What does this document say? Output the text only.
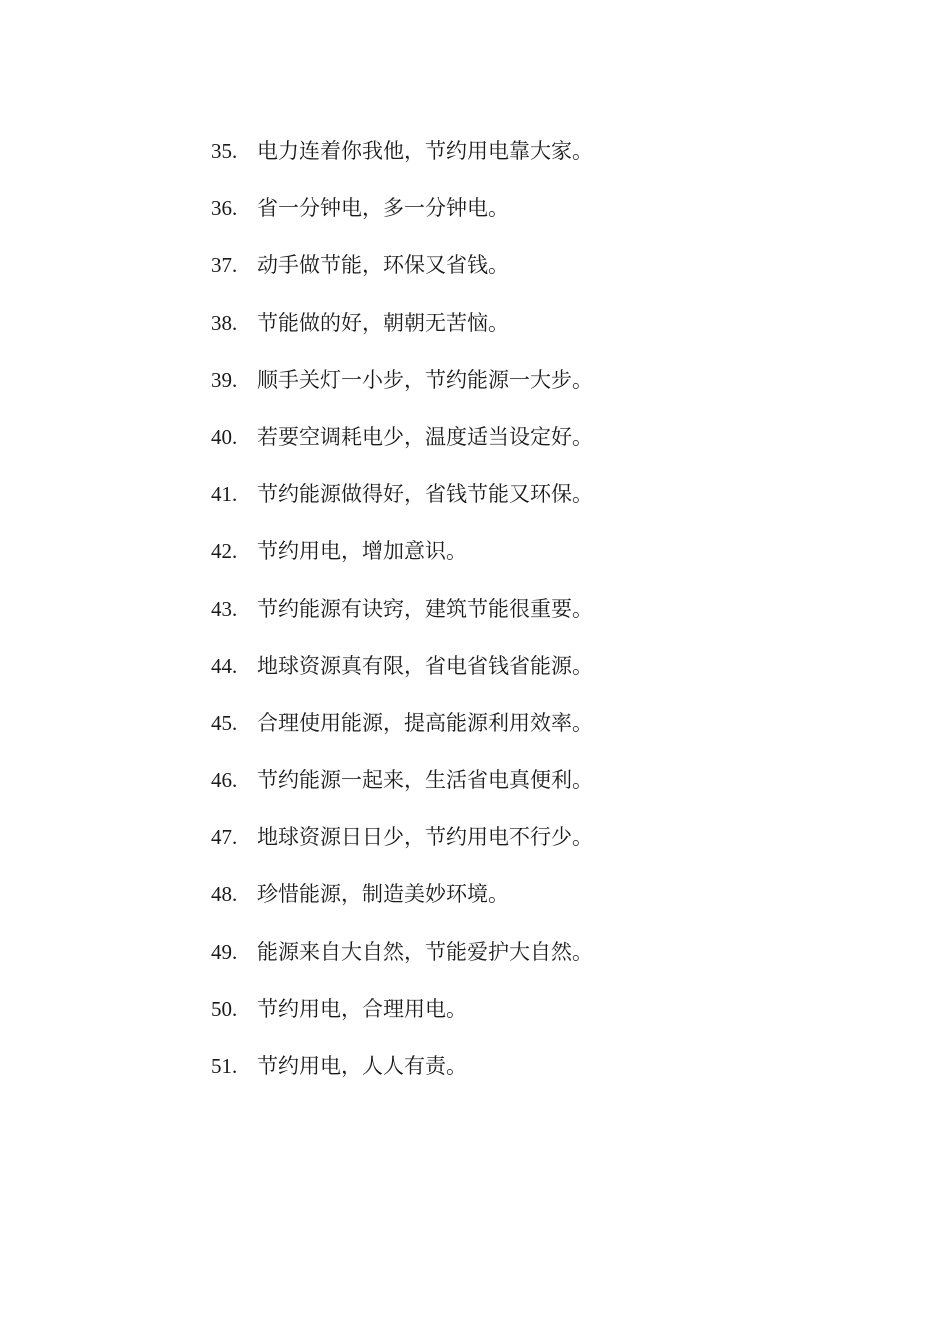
35. 电力连着你我他，节约用电靠大家。
36. 省一分钟电，多一分钟电。
37. 动手做节能，环保又省钱。
38. 节能做的好，朝朝无苦恼。
39. 顺手关灯一小步，节约能源一大步。
40. 若要空调耗电少，温度适当设定好。
41. 节约能源做得好，省钱节能又环保。
42. 节约用电，增加意识。
43. 节约能源有诀窍，建筑节能很重要。
44. 地球资源真有限，省电省钱省能源。
45. 合理使用能源，提高能源利用效率。
46. 节约能源一起来，生活省电真便利。
47. 地球资源日日少，节约用电不行少。
48. 珍惜能源，制造美妙环境。
49. 能源来自大自然，节能爱护大自然。
50. 节约用电，合理用电。
51. 节约用电，人人有责。
